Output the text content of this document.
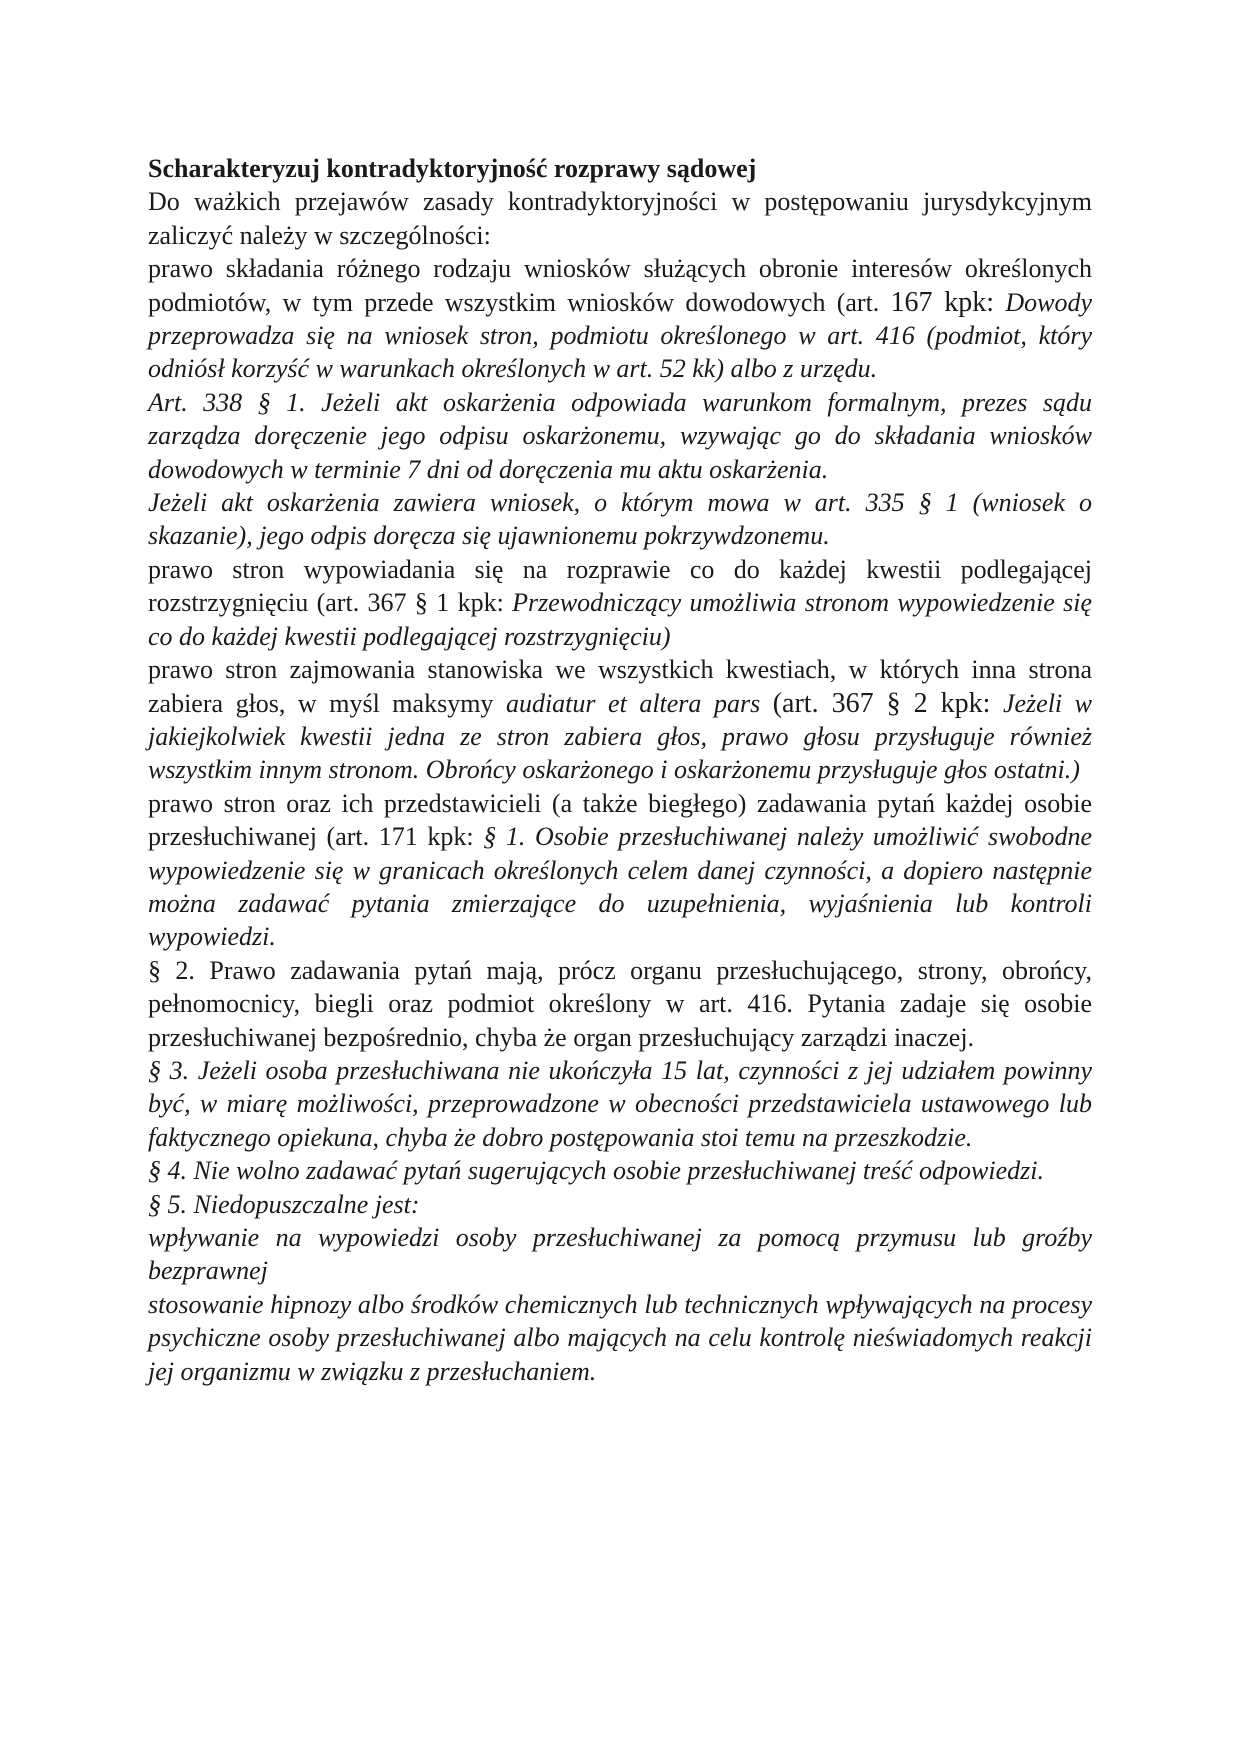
Scharakteryzuj kontradyktoryjność rozprawy sądowej

Do ważkich przejawów zasady kontradyktoryjności w postępowaniu jurysdykcyjnym zaliczyć należy w szczególności:

prawo składania różnego rodzaju wniosków służących obronie interesów określonych podmiotów, w tym przede wszystkim wniosków dowodowych (art. 167 kpk: Dowody przeprowadza się na wniosek stron, podmiotu określonego w art. 416 (podmiot, który odniósł korzyść w warunkach określonych w art. 52 kk) albo z urzędu.

Art. 338 § 1. Jeżeli akt oskarżenia odpowiada warunkom formalnym, prezes sądu zarządza doręczenie jego odpisu oskarżonemu, wzywając go do składania wniosków dowodowych w terminie 7 dni od doręczenia mu aktu oskarżenia.

Jeżeli akt oskarżenia zawiera wniosek, o którym mowa w art. 335 § 1 (wniosek o skazanie), jego odpis doręcza się ujawnionemu pokrzywdzonemu.

prawo stron wypowiadania się na rozprawie co do każdej kwestii podlegającej rozstrzygnięciu (art. 367 § 1 kpk: Przewodniczący umożliwia stronom wypowiedzenie się co do każdej kwestii podlegającej rozstrzygnięciu)

prawo stron zajmowania stanowiska we wszystkich kwestiach, w których inna strona zabiera głos, w myśl maksymy audiatur et altera pars (art. 367 § 2 kpk: Jeżeli w jakiejkolwiek kwestii jedna ze stron zabiera głos, prawo głosu przysługuje również wszystkim innym stronom. Obrońcy oskarżonego i oskarżonemu przysługuje głos ostatni.)

prawo stron oraz ich przedstawicieli (a także biegłego) zadawania pytań każdej osobie przesłuchiwanej (art. 171 kpk: § 1. Osobie przesłuchiwanej należy umożliwić swobodne wypowiedzenie się w granicach określonych celem danej czynności, a dopiero następnie można zadawać pytania zmierzające do uzupełnienia, wyjaśnienia lub kontroli wypowiedzi.

§ 2. Prawo zadawania pytań mają, prócz organu przesłuchującego, strony, obrońcy, pełnomocnicy, biegli oraz podmiot określony w art. 416. Pytania zadaje się osobie przesłuchiwanej bezpośrednio, chyba że organ przesłuchujący zarządzi inaczej.

§ 3. Jeżeli osoba przesłuchiwana nie ukończyła 15 lat, czynności z jej udziałem powinny być, w miarę możliwości, przeprowadzone w obecności przedstawiciela ustawowego lub faktycznego opiekuna, chyba że dobro postępowania stoi temu na przeszkodzie.

§ 4. Nie wolno zadawać pytań sugerujących osobie przesłuchiwanej treść odpowiedzi.

§ 5. Niedopuszczalne jest:

wpływanie na wypowiedzi osoby przesłuchiwanej za pomocą przymusu lub groźby bezprawnej

stosowanie hipnozy albo środków chemicznych lub technicznych wpływających na procesy psychiczne osoby przesłuchiwanej albo mających na celu kontrolę nieświadomych reakcji jej organizmu w związku z przesłuchaniem.
